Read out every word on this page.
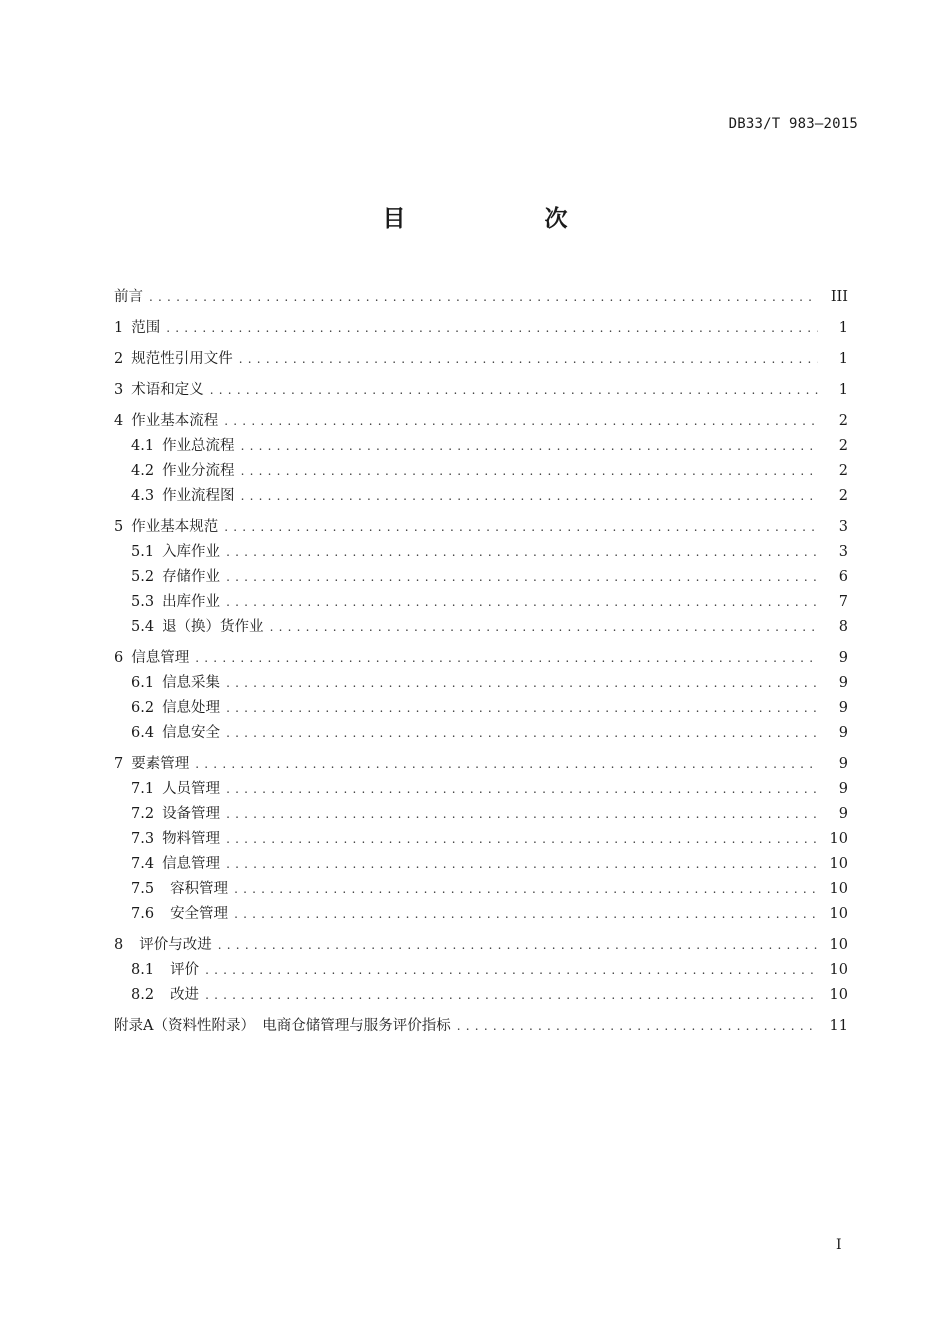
DB33/T 983—2015
目　次
前言 . . .	III
1 范围 . . .	1
2 规范性引用文件 . . .	1
3 术语和定义 . . .	1
4 作业基本流程 . . .	2
4.1 作业总流程 . . .	2
4.2 作业分流程 . . .	2
4.3 作业流程图 . . .	2
5 作业基本规范 . . .	3
5.1 入库作业 . . .	3
5.2 存储作业 . . .	6
5.3 出库作业 . . .	7
5.4 退（换）货作业 . . .	8
6 信息管理 . . .	9
6.1 信息采集 . . .	9
6.2 信息处理 . . .	9
6.4 信息安全 . . .	9
7 要素管理 . . .	9
7.1 人员管理 . . .	9
7.2 设备管理 . . .	9
7.3 物料管理 . . .	10
7.4 信息管理 . . .	10
7.5 容积管理 . . .	10
7.6 安全管理 . . .	10
8 评价与改进 . . .	10
8.1 评价 . . .	10
8.2 改进 . . .	10
附录A（资料性附录）　电商仓储管理与服务评价指标 . . .	11
I
